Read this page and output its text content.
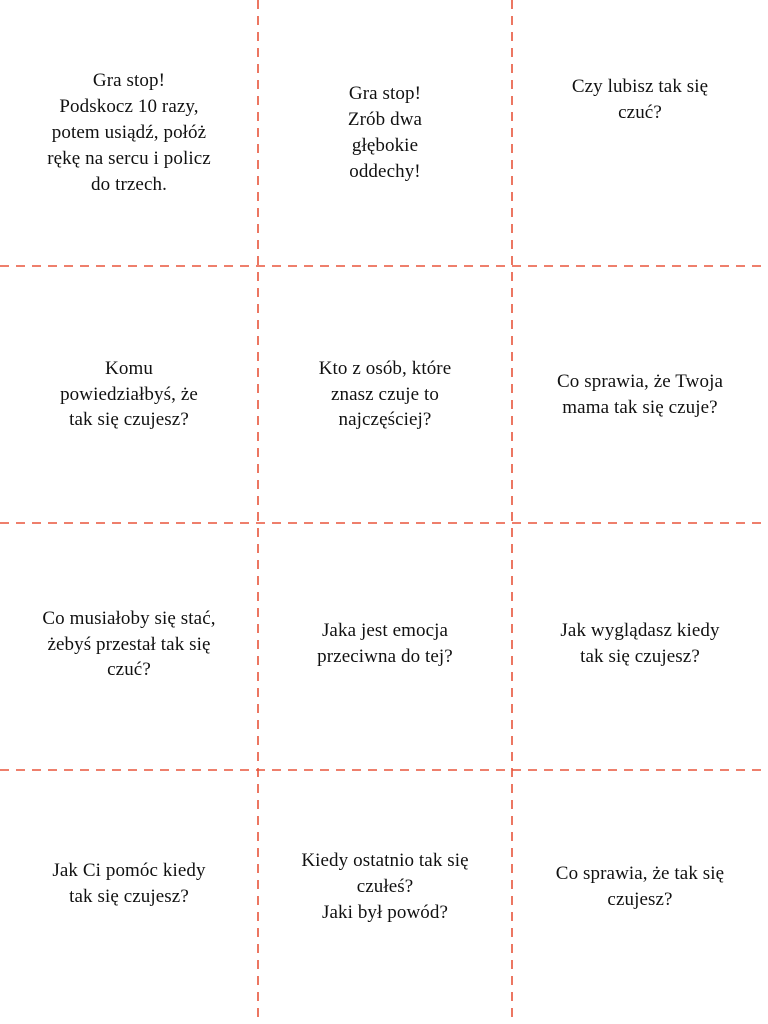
Gra stop!
Podskocz 10 razy,
potem usiądź, połóż
rękę na sercu i policz
do trzech.
Gra stop!
Zrób dwa
głębokie
oddechy!
Czy lubisz tak się
czuć?
Komu
powiedziałbyś, że
tak się czujesz?
Kto z osób, które
znasz czuje to
najczęściej?
Co sprawia, że Twoja
mama tak się czuje?
Co musiałoby się stać,
żebyś przestał tak się
czuć?
Jaka jest emocja
przeciwna do tej?
Jak wyglądasz kiedy
tak się czujesz?
Jak Ci pomóc kiedy
tak się czujesz?
Kiedy ostatnio tak się
czułeś?
Jaki był powód?
Co sprawia, że tak się
czujesz?
